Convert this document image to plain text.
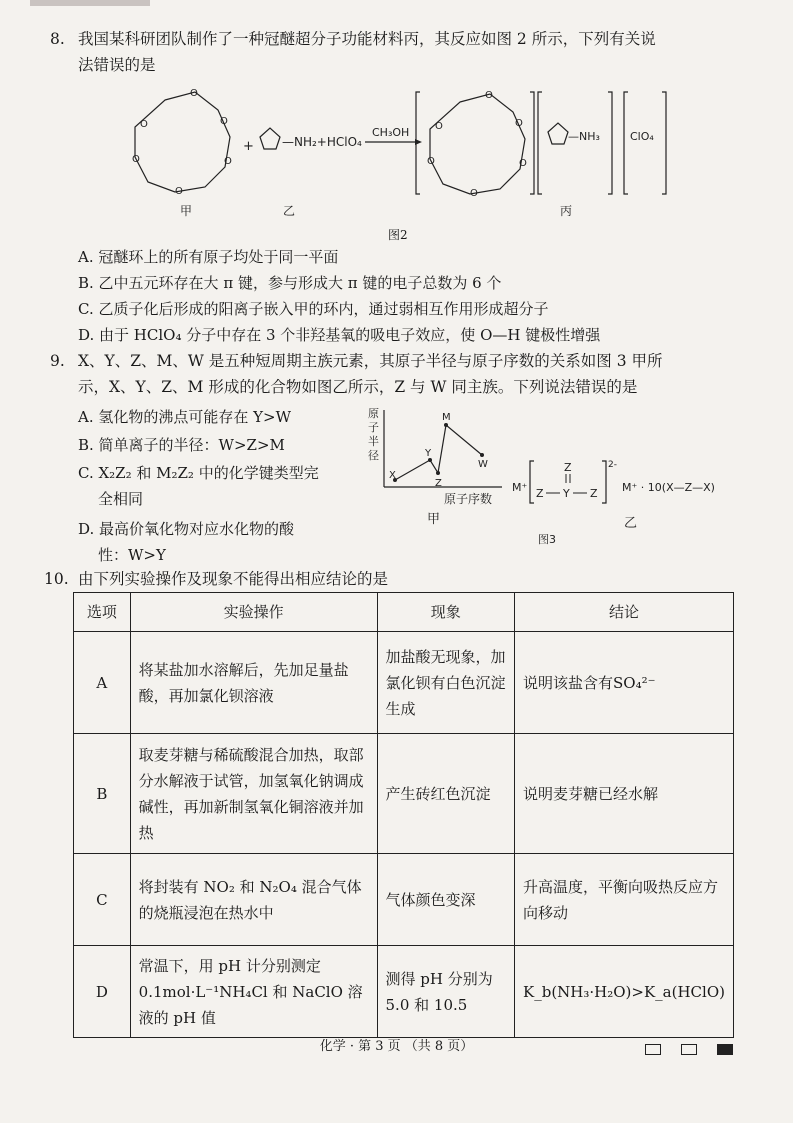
8. 我国某科研团队制作了一种冠醚超分子功能材料丙，其反应如图 2 所示，下列有关说
法错误的是
O
O	O
O	O
O
+ —NH₂+HClO₄
CH₃OH
O
O	O
O	O
O
—NH₃	ClO₄
甲	乙	丙
图2
A. 冠醚环上的所有原子均处于同一平面
B. 乙中五元环存在大 π 键，参与形成大 π 键的电子总数为 6 个
C. 乙质子化后形成的阳离子嵌入甲的环内，通过弱相互作用形成超分子
D. 由于 HClO₄ 分子中存在 3 个非羟基氧的吸电子效应，使 O—H 键极性增强
9. X、Y、Z、M、W 是五种短周期主族元素，其原子半径与原子序数的关系如图 3 甲所
示，X、Y、Z、M 形成的化合物如图乙所示，Z 与 W 同主族。下列说法错误的是
A. 氢化物的沸点可能存在 Y>W
B. 简单离子的半径：W>Z>M
C. X₂Z₂ 和 M₂Z₂ 中的化学键类型完
全相同
D. 最高价氧化物对应水化物的酸
性：W>Y
原
子
半
径
X
Y
Z
M
W
原子序数
甲
M⁺
Z
Z Y Z
2-
M⁺ · 10(X—Z—X)
乙
图3
10. 由下列实验操作及现象不能得出相应结论的是
选项	实验操作	现象	结论
A	将某盐加水溶解后，先加足量盐酸，再加氯化钡溶液	加盐酸无现象，加氯化钡有白色沉淀生成	说明该盐含有SO₄²⁻
B	取麦芽糖与稀硫酸混合加热，取部分水解液于试管，加氢氧化钠调成碱性，再加新制氢氧化铜溶液并加热	产生砖红色沉淀	说明麦芽糖已经水解
C	将封装有 NO₂ 和 N₂O₄ 混合气体的烧瓶浸泡在热水中	气体颜色变深	升高温度，平衡向吸热反应方向移动
D	常温下，用 pH 计分别测定 0.1mol·L⁻¹NH₄Cl 和 NaClO 溶液的 pH 值	测得 pH 分别为 5.0 和 10.5	K_b(NH₃·H₂O)>K_a(HClO)
化学 · 第 3 页 （共 8 页）
